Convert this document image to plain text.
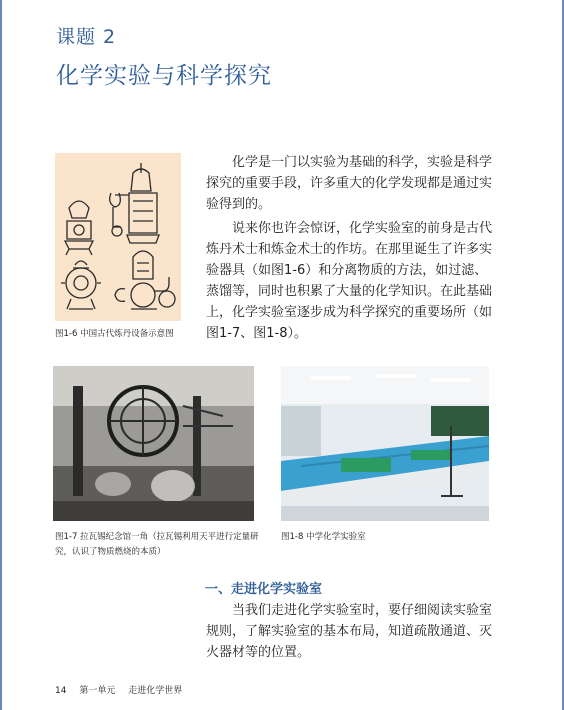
课题 2
化学实验与科学探究
图1-6 中国古代炼丹设备示意图
化学是一门以实验为基础的科学，实验是科学探究的重要手段，许多重大的化学发现都是通过实验得到的。
说来你也许会惊讶，化学实验室的前身是古代炼丹术士和炼金术士的作坊。在那里诞生了许多实验器具（如图1-6）和分离物质的方法，如过滤、蒸馏等，同时也积累了大量的化学知识。在此基础上，化学实验室逐步成为科学探究的重要场所（如图1-7、图1-8）。
图1-7 拉瓦锡纪念馆一角（拉瓦锡利用天平进行定量研究，认识了物质燃烧的本质）
图1-8 中学化学实验室
一、走进化学实验室
当我们走进化学实验室时，要仔细阅读实验室规则，了解实验室的基本布局，知道疏散通道、灭火器材等的位置。
14 第一单元 走进化学世界
